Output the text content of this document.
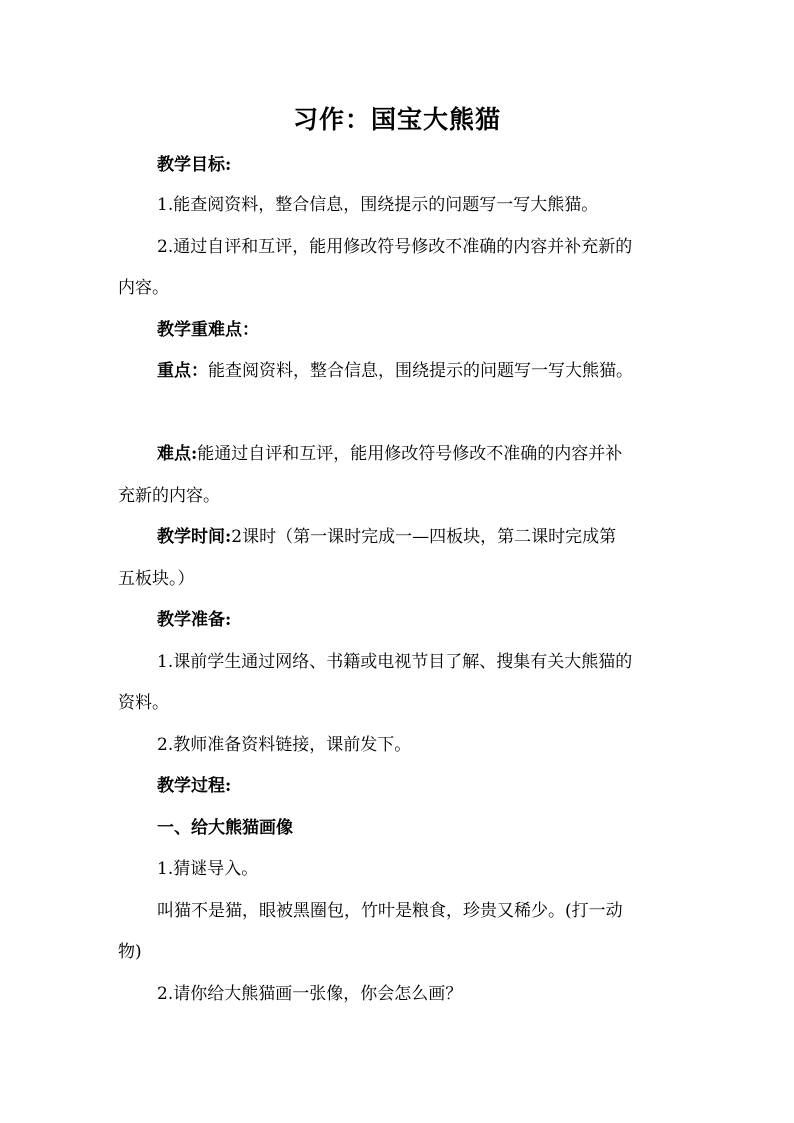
习作：国宝大熊猫
教学目标:
1.能查阅资料，整合信息，围绕提示的问题写一写大熊猫。
2.通过自评和互评，能用修改符号修改不准确的内容并补充新的
内容。
教学重难点：
重点：能查阅资料，整合信息，围绕提示的问题写一写大熊猫。
难点:能通过自评和互评，能用修改符号修改不准确的内容并补
充新的内容。
教学时间:2课时（第一课时完成一—四板块，第二课时完成第
五板块。）
教学准备:
1.课前学生通过网络、书籍或电视节目了解、搜集有关大熊猫的
资料。
2.教师准备资料链接，课前发下。
教学过程:
一、给大熊猫画像
1.猜谜导入。
叫猫不是猫，眼被黑圈包，竹叶是粮食，珍贵又稀少。(打一动
物)
2.请你给大熊猫画一张像，你会怎么画？
